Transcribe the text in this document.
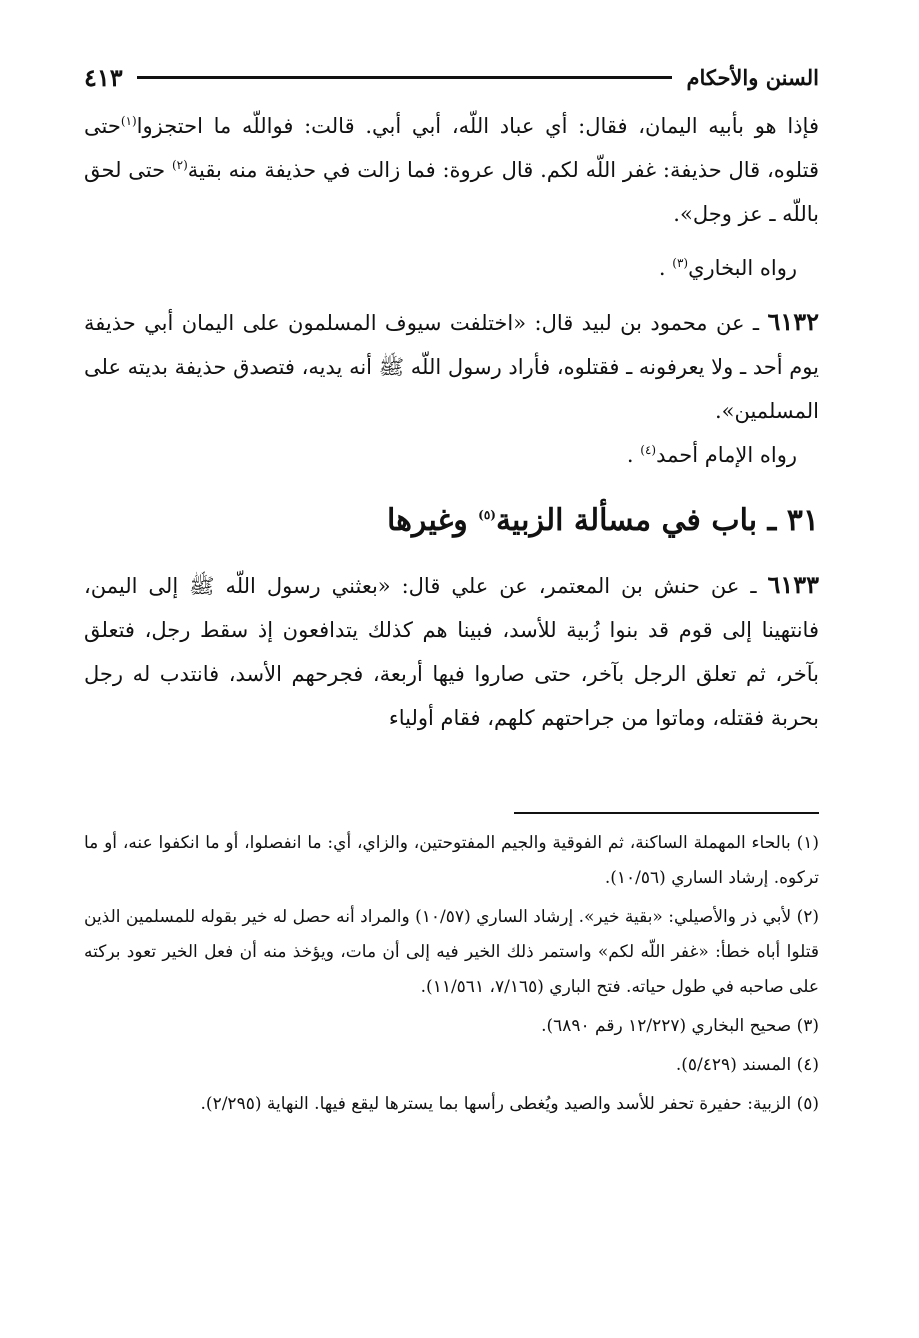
٤١٣	السنن والأحكام

فإذا هو بأبيه اليمان، فقال: أي عباد اللّه، أبي أبي. قالت: فواللّه ما احتجزوا$^{(١)}$حتى قتلوه، قال حذيفة: غفر اللّه لكم. قال عروة: فما زالت في حذيفة منه بقية$^{(٢)}$ حتى لحق باللّه ـ عز وجل».

رواه البخاري$^{(٣)}$ .

٦١٣٢ ـ عن محمود بن لبيد قال: «اختلفت سيوف المسلمون على اليمان أبي حذيفة يوم أحد ـ ولا يعرفونه ـ فقتلوه، فأراد رسول اللّه ﷺ أنه يديه، فتصدق حذيفة بديته على المسلمين».

رواه الإمام أحمد$^{(٤)}$ .

٣١ ـ باب في مسألة الزبية$^{(٥)}$ وغيرها

٦١٣٣ ـ عن حنش بن المعتمر، عن علي قال: «بعثني رسول اللّه ﷺ إلى اليمن، فانتهينا إلى قوم قد بنوا زُبية للأسد، فبينا هم كذلك يتدافعون إذ سقط رجل، فتعلق بآخر، ثم تعلق الرجل بآخر، حتى صاروا فيها أربعة، فجرحهم الأسد، فانتدب له رجل بحربة فقتله، وماتوا من جراحتهم كلهم، فقام أولياء

(١) بالحاء المهملة الساكنة، ثم الفوقية والجيم المفتوحتين، والزاي، أي: ما انفصلوا، أو ما انكفوا عنه، أو ما تركوه. إرشاد الساري (١٠/٥٦).

(٢) لأبي ذر والأصيلي: «بقية خير». إرشاد الساري (١٠/٥٧) والمراد أنه حصل له خير بقوله للمسلمين الذين قتلوا أباه خطأ: «غفر اللّه لكم» واستمر ذلك الخير فيه إلى أن مات، ويؤخذ منه أن فعل الخير تعود بركته على صاحبه في طول حياته. فتح الباري (٧/١٦٥، ١١/٥٦١).

(٣) صحيح البخاري (١٢/٢٢٧ رقم ٦٨٩٠).

(٤) المسند (٥/٤٢٩).

(٥) الزبية: حفيرة تحفر للأسد والصيد ويُغطى رأسها بما يسترها ليقع فيها. النهاية (٢/٢٩٥).
